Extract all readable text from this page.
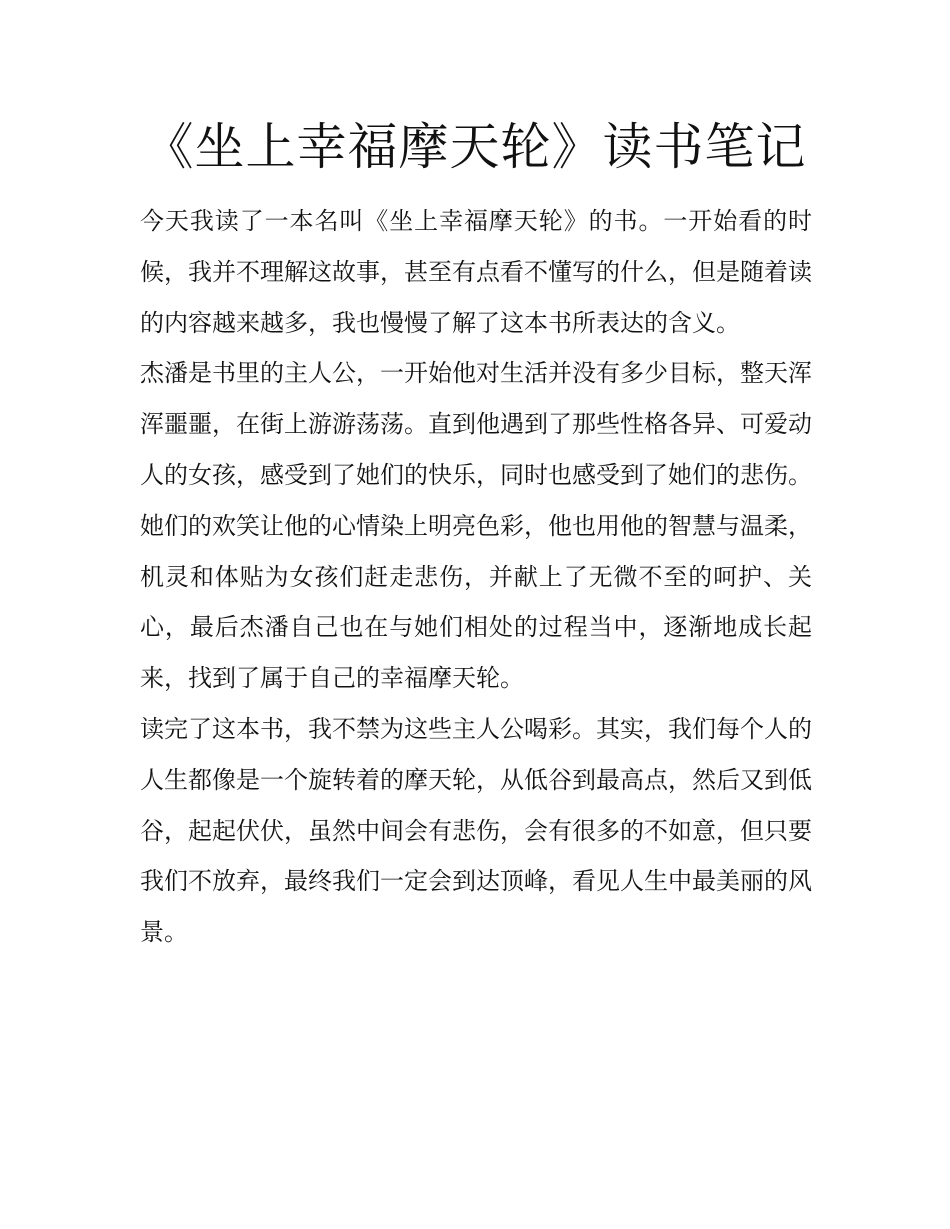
《坐上幸福摩天轮》读书笔记

今天我读了一本名叫《坐上幸福摩天轮》的书。一开始看的时候，我并不理解这故事，甚至有点看不懂写的什么，但是随着读的内容越来越多，我也慢慢了解了这本书所表达的含义。

杰潘是书里的主人公，一开始他对生活并没有多少目标，整天浑浑噩噩，在街上游游荡荡。直到他遇到了那些性格各异、可爱动人的女孩，感受到了她们的快乐，同时也感受到了她们的悲伤。她们的欢笑让他的心情染上明亮色彩，他也用他的智慧与温柔，机灵和体贴为女孩们赶走悲伤，并献上了无微不至的呵护、关心，最后杰潘自己也在与她们相处的过程当中，逐渐地成长起来，找到了属于自己的幸福摩天轮。

读完了这本书，我不禁为这些主人公喝彩。其实，我们每个人的人生都像是一个旋转着的摩天轮，从低谷到最高点，然后又到低谷，起起伏伏，虽然中间会有悲伤，会有很多的不如意，但只要我们不放弃，最终我们一定会到达顶峰，看见人生中最美丽的风景。
